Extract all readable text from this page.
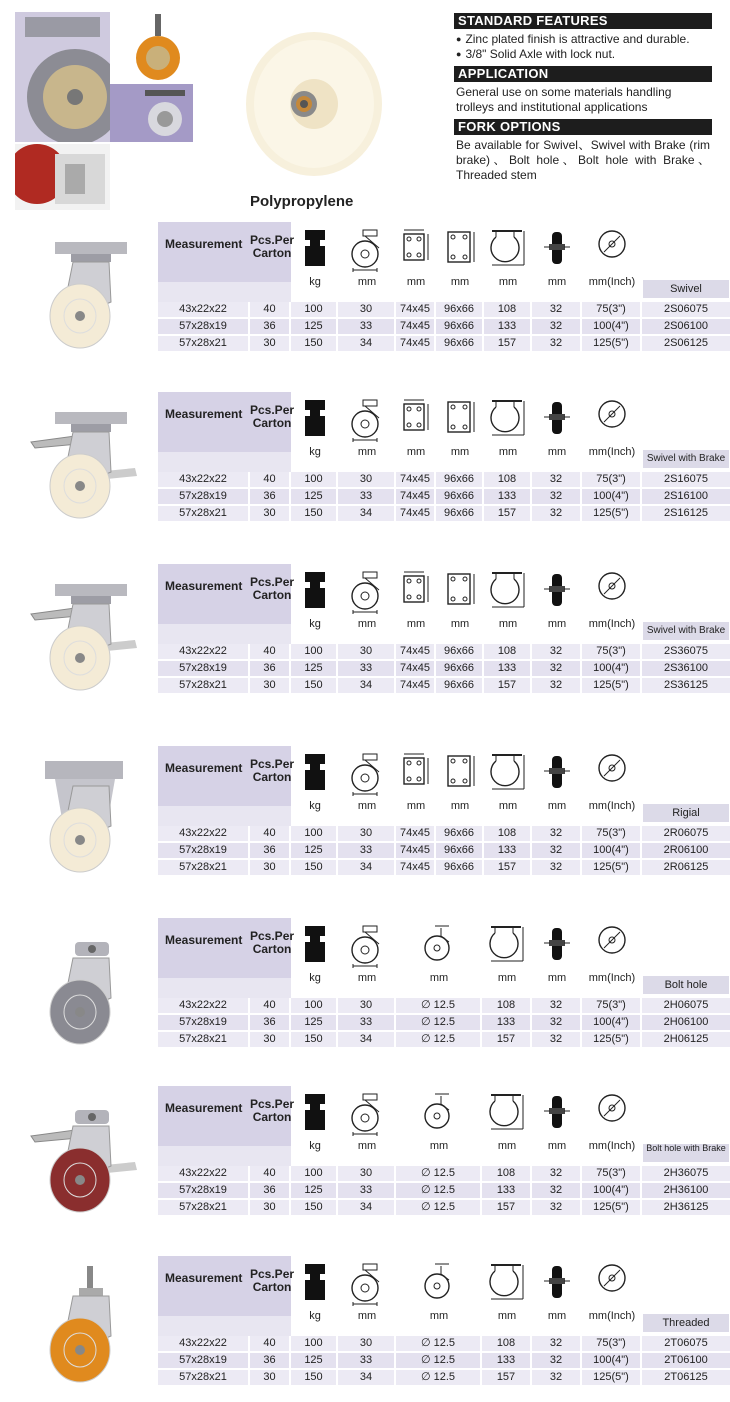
Polypropylene
STANDARD FEATURES
● Zinc plated finish is attractive and durable.
● 3/8" Solid Axle with lock nut.
APPLICATION
General use on some materials handling trolleys and institutional applications
FORK OPTIONS
Be available for Swivel、Swivel with Brake (rim brake)、Bolt hole、Bolt hole with Brake、Threaded stem
Measurement Pcs.Per
Carton
kg	mm	mm	mm	mm	mm	mm(Inch)
Swivel
43x22x22	40	100	30	74x45	96x66	108	32	75(3")	2S06075
57x28x19	36	125	33	74x45	96x66	133	32	100(4")	2S06100
57x28x21	30	150	34	74x45	96x66	157	32	125(5")	2S06125
Measurement Pcs.Per
Carton
kg	mm	mm	mm	mm	mm	mm(Inch)
Swivel with Brake
43x22x22	40	100	30	74x45	96x66	108	32	75(3")	2S16075
57x28x19	36	125	33	74x45	96x66	133	32	100(4")	2S16100
57x28x21	30	150	34	74x45	96x66	157	32	125(5")	2S16125
Measurement Pcs.Per
Carton
kg	mm	mm	mm	mm	mm	mm(Inch)
Swivel with Brake
43x22x22	40	100	30	74x45	96x66	108	32	75(3")	2S36075
57x28x19	36	125	33	74x45	96x66	133	32	100(4")	2S36100
57x28x21	30	150	34	74x45	96x66	157	32	125(5")	2S36125
Measurement Pcs.Per
Carton
kg	mm	mm	mm	mm	mm	mm(Inch)
Rigial
43x22x22	40	100	30	74x45	96x66	108	32	75(3")	2R06075
57x28x19	36	125	33	74x45	96x66	133	32	100(4")	2R06100
57x28x21	30	150	34	74x45	96x66	157	32	125(5")	2R06125
Measurement Pcs.Per
Carton
kg	mm	mm	mm	mm	mm(Inch)
Bolt hole
43x22x22	40	100	30	∅ 12.5	108	32	75(3")	2H06075
57x28x19	36	125	33	∅ 12.5	133	32	100(4")	2H06100
57x28x21	30	150	34	∅ 12.5	157	32	125(5")	2H06125
Measurement Pcs.Per
Carton
kg	mm	mm	mm	mm	mm(Inch)	Bolt hole with Brake
43x22x22	40	100	30	∅ 12.5	108	32	75(3")	2H36075
57x28x19	36	125	33	∅ 12.5	133	32	100(4")	2H36100
57x28x21	30	150	34	∅ 12.5	157	32	125(5")	2H36125
Measurement Pcs.Per
Carton
kg	mm	mm	mm	mm	mm(Inch)
Threaded
43x22x22	40	100	30	∅ 12.5	108	32	75(3")	2T06075
57x28x19	36	125	33	∅ 12.5	133	32	100(4")	2T06100
57x28x21	30	150	34	∅ 12.5	157	32	125(5")	2T06125
